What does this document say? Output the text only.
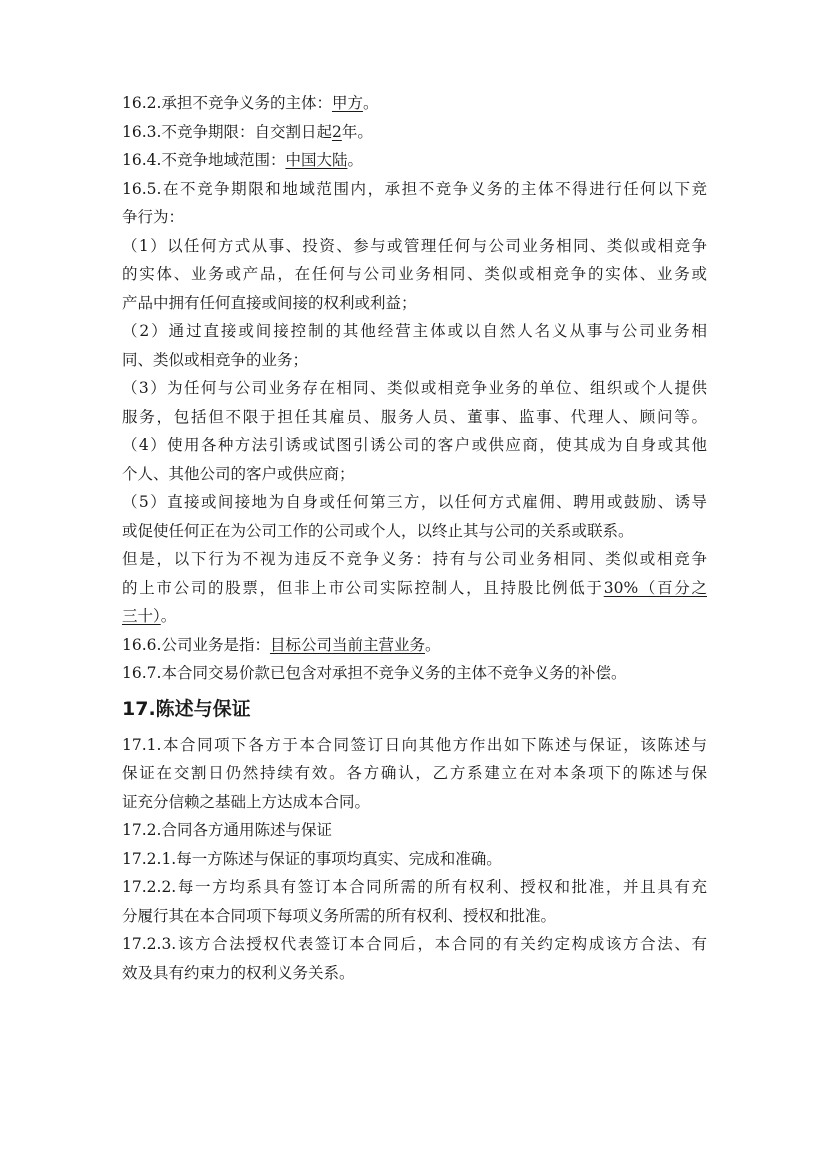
16.2.承担不竞争义务的主体：甲方。
16.3.不竞争期限：自交割日起2年。
16.4.不竞争地域范围：中国大陆。
16.5.在不竞争期限和地域范围内，承担不竞争义务的主体不得进行任何以下竞
争行为：
（1）以任何方式从事、投资、参与或管理任何与公司业务相同、类似或相竞争
的实体、业务或产品，在任何与公司业务相同、类似或相竞争的实体、业务或
产品中拥有任何直接或间接的权利或利益；
（2）通过直接或间接控制的其他经营主体或以自然人名义从事与公司业务相
同、类似或相竞争的业务；
（3）为任何与公司业务存在相同、类似或相竞争业务的单位、组织或个人提供
服务，包括但不限于担任其雇员、服务人员、董事、监事、代理人、顾问等。
（4）使用各种方法引诱或试图引诱公司的客户或供应商，使其成为自身或其他
个人、其他公司的客户或供应商；
（5）直接或间接地为自身或任何第三方，以任何方式雇佣、聘用或鼓励、诱导
或促使任何正在为公司工作的公司或个人，以终止其与公司的关系或联系。
但是，以下行为不视为违反不竞争义务：持有与公司业务相同、类似或相竞争
的上市公司的股票，但非上市公司实际控制人，且持股比例低于30%（百分之
三十）。
16.6.公司业务是指：目标公司当前主营业务。
16.7.本合同交易价款已包含对承担不竞争义务的主体不竞争义务的补偿。
17.陈述与保证
17.1.本合同项下各方于本合同签订日向其他方作出如下陈述与保证，该陈述与
保证在交割日仍然持续有效。各方确认，乙方系建立在对本条项下的陈述与保
证充分信赖之基础上方达成本合同。
17.2.合同各方通用陈述与保证
17.2.1.每一方陈述与保证的事项均真实、完成和准确。
17.2.2.每一方均系具有签订本合同所需的所有权利、授权和批准，并且具有充
分履行其在本合同项下每项义务所需的所有权利、授权和批准。
17.2.3.该方合法授权代表签订本合同后，本合同的有关约定构成该方合法、有
效及具有约束力的权利义务关系。
